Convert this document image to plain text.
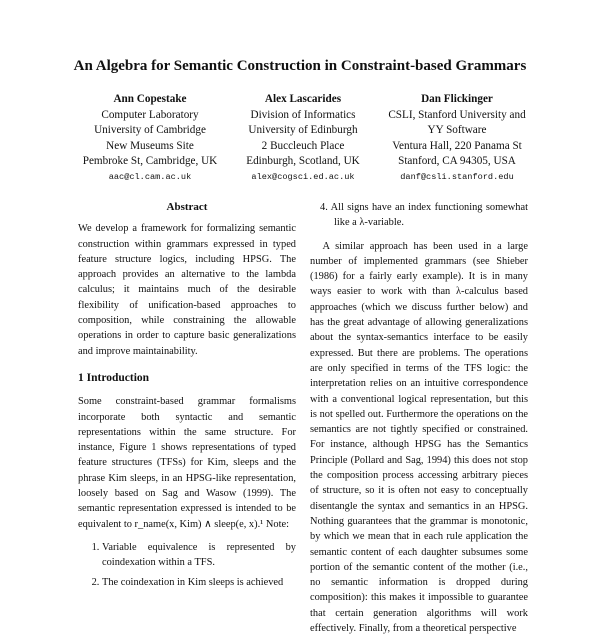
An Algebra for Semantic Construction in Constraint-based Grammars
Ann Copestake
Computer Laboratory
University of Cambridge
New Museums Site
Pembroke St, Cambridge, UK
aac@cl.cam.ac.uk
Alex Lascarides
Division of Informatics
University of Edinburgh
2 Buccleuch Place
Edinburgh, Scotland, UK
alex@cogsci.ed.ac.uk
Dan Flickinger
CSLI, Stanford University and
YY Software
Ventura Hall, 220 Panama St
Stanford, CA 94305, USA
danf@csli.stanford.edu
Abstract

We develop a framework for formalizing semantic construction within grammars expressed in typed feature structure logics, including HPSG. The approach provides an alternative to the lambda calculus; it maintains much of the desirable flexibility of unification-based approaches to composition, while constraining the allowable operations in order to capture basic generalizations and improve maintainability.

1 Introduction

Some constraint-based grammar formalisms incorporate both syntactic and semantic representations within the same structure. For instance, Figure 1 shows representations of typed feature structures (TFSs) for Kim, sleeps and the phrase Kim sleeps, in an HPSG-like representation, loosely based on Sag and Wasow (1999). The semantic representation expressed is intended to be equivalent to r_name(x, Kim) ∧ sleep(e, x).¹ Note:

1. Variable equivalence is represented by coindexation within a TFS.
2. The coindexation in Kim sleeps is achieved

4. All signs have an index functioning somewhat like a λ-variable.

A similar approach has been used in a large number of implemented grammars (see Shieber (1986) for a fairly early example). It is in many ways easier to work with than λ-calculus based approaches (which we discuss further below) and has the great advantage of allowing generalizations about the syntax-semantics interface to be easily expressed. But there are problems. The operations are only specified in terms of the TFS logic: the interpretation relies on an intuitive correspondence with a conventional logical representation, but this is not spelled out. Furthermore the operations on the semantics are not tightly specified or constrained. For instance, although HPSG has the Semantics Principle (Pollard and Sag, 1994) this does not stop the composition process accessing arbitrary pieces of structure, so it is often not easy to conceptually disentangle the syntax and semantics in an HPSG. Nothing guarantees that the grammar is monotonic, by which we mean that in each rule application the semantic content of each daughter subsumes some portion of the semantic content of the mother (i.e., no semantic information is dropped during composition): this makes it impossible to guarantee that certain generation algorithms will work effectively. Finally, from a theoretical perspective
